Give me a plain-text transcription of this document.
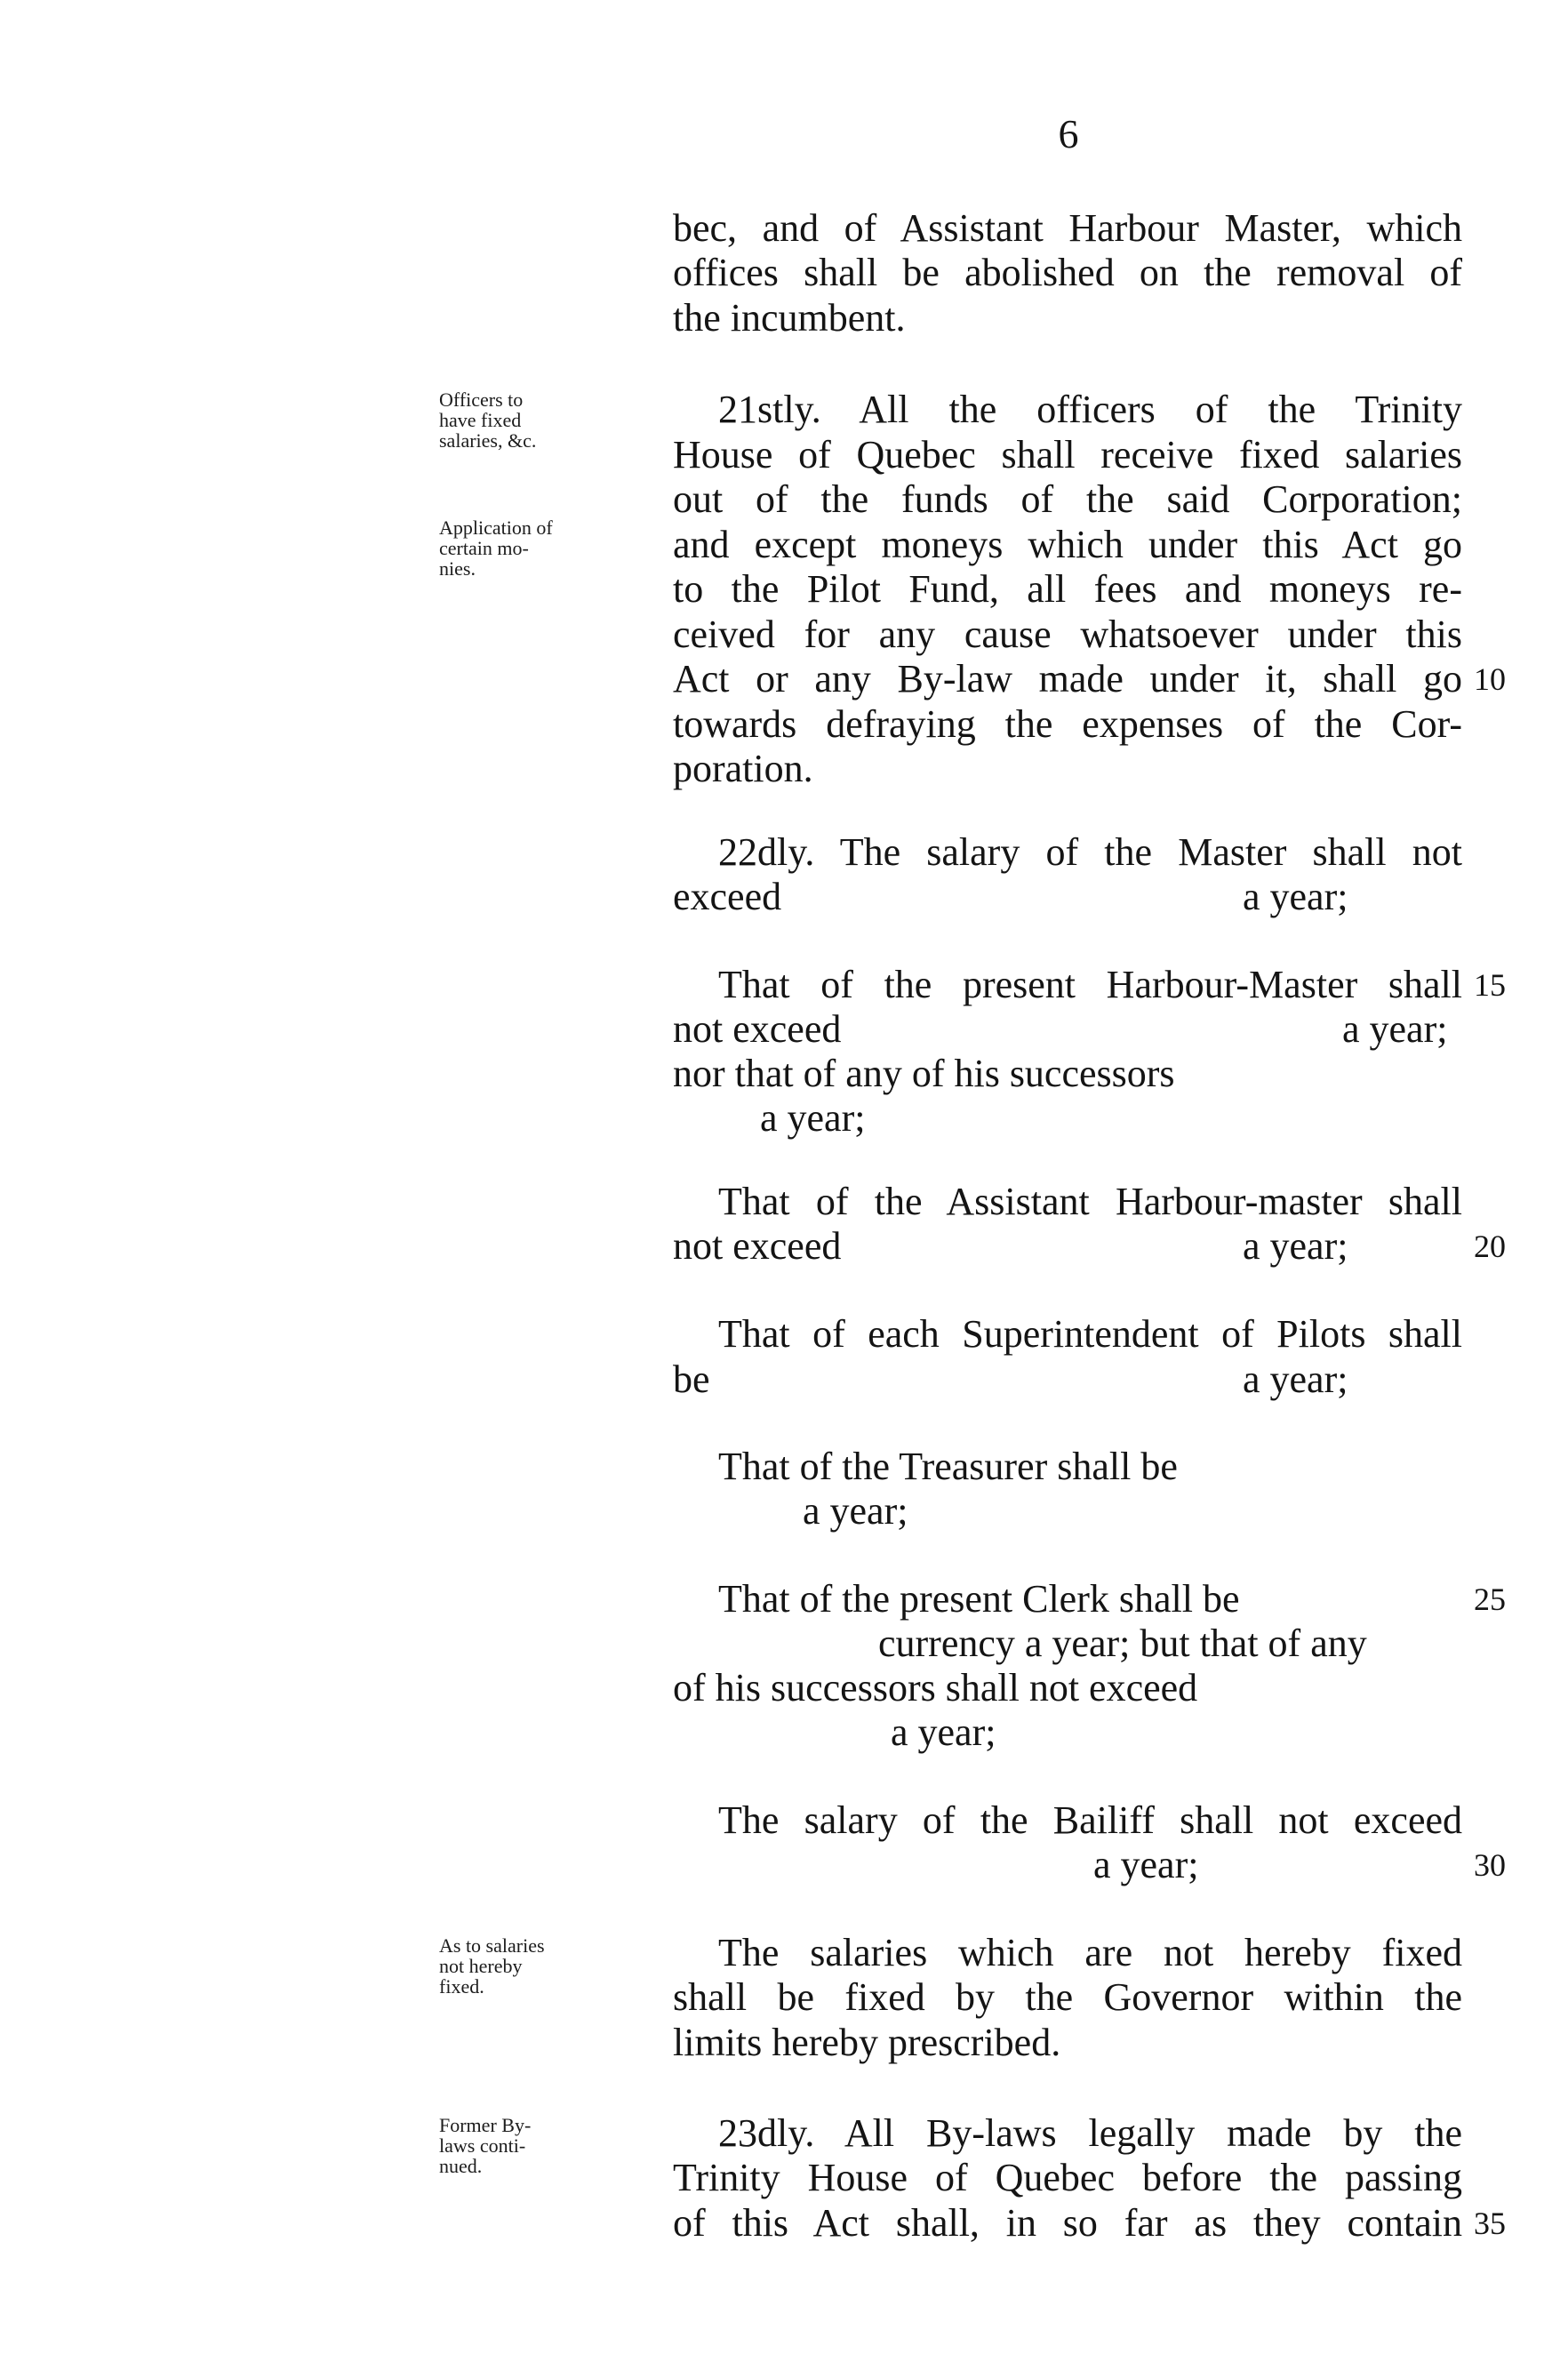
6
bec, and of Assistant Harbour Master, which
offices shall be abolished on the removal of
the incumbent.
Officers to
have fixed
salaries, &c.
Application of
certain mo-
nies.
21stly. All the officers of the Trinity
House of Quebec shall receive fixed salaries
out of the funds of the said Corporation;
and except moneys which under this Act go
to the Pilot Fund, all fees and moneys re-
ceived for any cause whatsoever under this
Act or any By-law made under it, shall go 10
towards defraying the expenses of the Cor-
poration.
22dly. The salary of the Master shall not
exceed	a year;
That of the present Harbour-Master shall 15
not exceed	a year;
nor that of any of his successors
a year;
That of the Assistant Harbour-master shall
not exceed	a year;	20
That of each Superintendent of Pilots shall
be	a year;
That of the Treasurer shall be
a year;
That of the present Clerk shall be	25
currency a year; but that of any
of his successors shall not exceed
a year;
The salary of the Bailiff shall not exceed
a year;	30
As to salaries
not hereby
fixed.
The salaries which are not hereby fixed
shall be fixed by the Governor within the
limits hereby prescribed.
Former By-
laws conti-
nued.
23dly. All By-laws legally made by the
Trinity House of Quebec before the passing
of this Act shall, in so far as they contain 35
